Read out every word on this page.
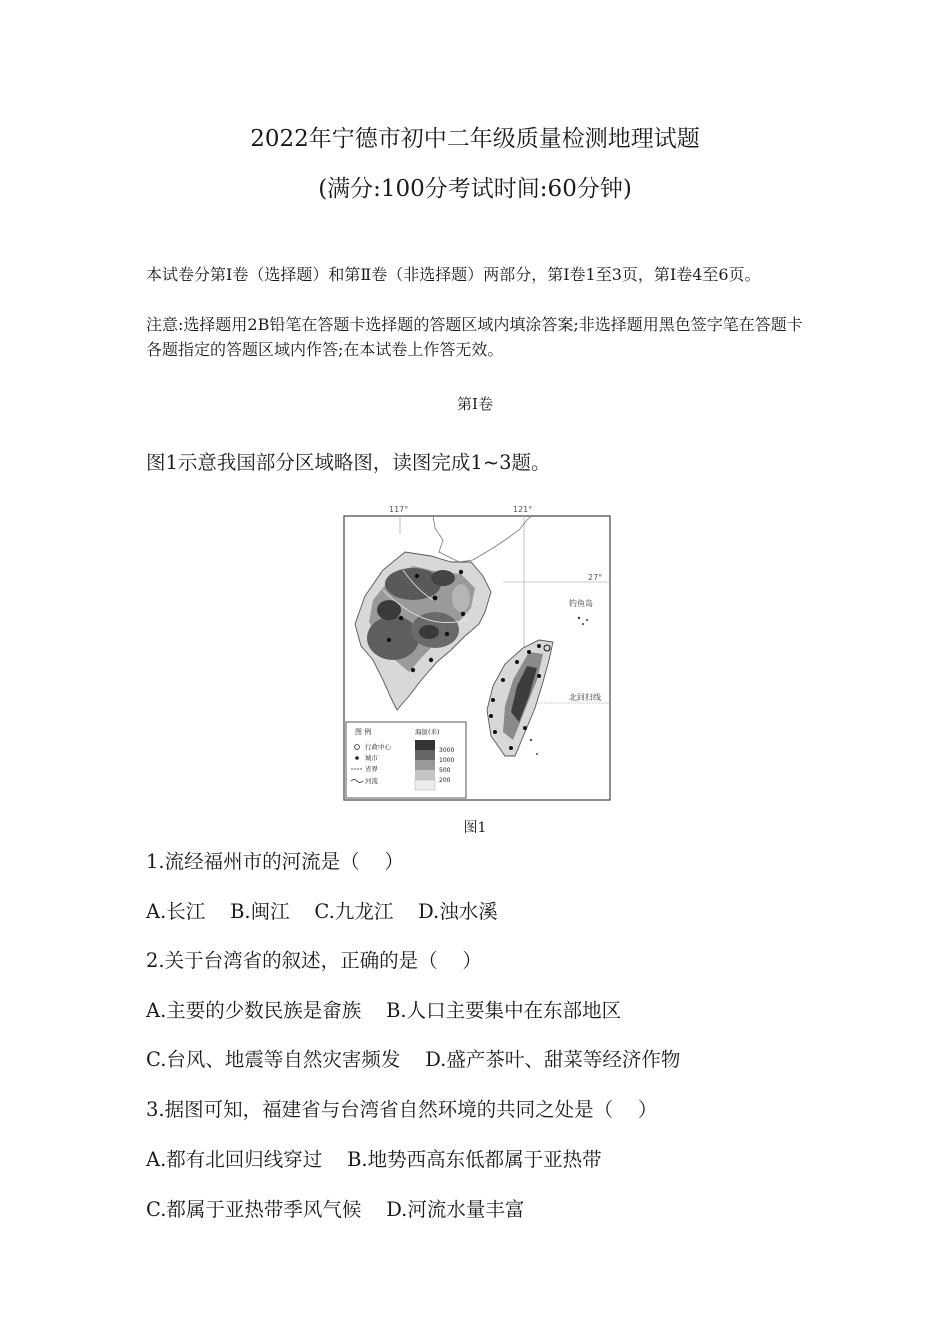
2022年宁德市初中二年级质量检测地理试题
(满分:100分考试时间:60分钟)
本试卷分第Ⅰ卷（选择题）和第Ⅱ卷（非选择题）两部分，第Ⅰ卷1至3页，第Ⅰ卷4至6页。
注意:选择题用2B铅笔在答题卡选择题的答题区域内填涂答案;非选择题用黑色签字笔在答题卡各题指定的答题区域内作答;在本试卷上作答无效。
第Ⅰ卷
图1示意我国部分区域略图，读图完成1~3题。
117°	121°
27°
钓鱼岛
北回归线
图 例	海拔(米)
行政中心
城市
省界
河流
3000
1000
500
200
图1
1.流经福州市的河流是（    ）
A.长江    B.闽江    C.九龙江    D.浊水溪
2.关于台湾省的叙述，正确的是（    ）
A.主要的少数民族是畲族    B.人口主要集中在东部地区
C.台风、地震等自然灾害频发    D.盛产茶叶、甜菜等经济作物
3.据图可知，福建省与台湾省自然环境的共同之处是（    ）
A.都有北回归线穿过    B.地势西高东低都属于亚热带
C.都属于亚热带季风气候    D.河流水量丰富
